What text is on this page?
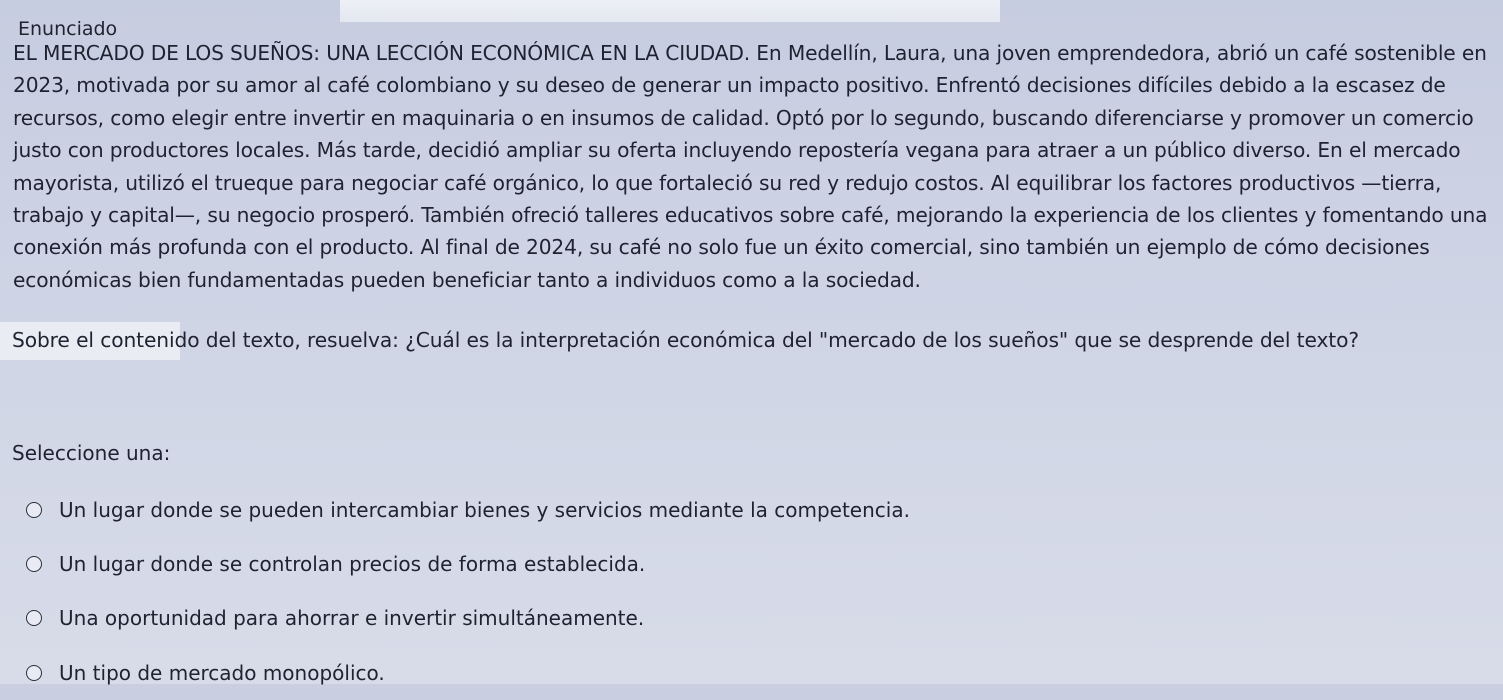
Enunciado

EL MERCADO DE LOS SUEÑOS: UNA LECCIÓN ECONÓMICA EN LA CIUDAD. En Medellín, Laura, una joven emprendedora, abrió un café sostenible en 2023, motivada por su amor al café colombiano y su deseo de generar un impacto positivo. Enfrentó decisiones difíciles debido a la escasez de recursos, como elegir entre invertir en maquinaria o en insumos de calidad. Optó por lo segundo, buscando diferenciarse y promover un comercio justo con productores locales. Más tarde, decidió ampliar su oferta incluyendo repostería vegana para atraer a un público diverso. En el mercado mayorista, utilizó el trueque para negociar café orgánico, lo que fortaleció su red y redujo costos. Al equilibrar los factores productivos —tierra, trabajo y capital—, su negocio prosperó. También ofreció talleres educativos sobre café, mejorando la experiencia de los clientes y fomentando una conexión más profunda con el producto. Al final de 2024, su café no solo fue un éxito comercial, sino también un ejemplo de cómo decisiones económicas bien fundamentadas pueden beneficiar tanto a individuos como a la sociedad.

Sobre el contenido del texto, resuelva: ¿Cuál es la interpretación económica del "mercado de los sueños" que se desprende del texto?

Seleccione una:
Un lugar donde se pueden intercambiar bienes y servicios mediante la competencia.
Un lugar donde se controlan precios de forma establecida.
Una oportunidad para ahorrar e invertir simultáneamente.
Un tipo de mercado monopólico.
